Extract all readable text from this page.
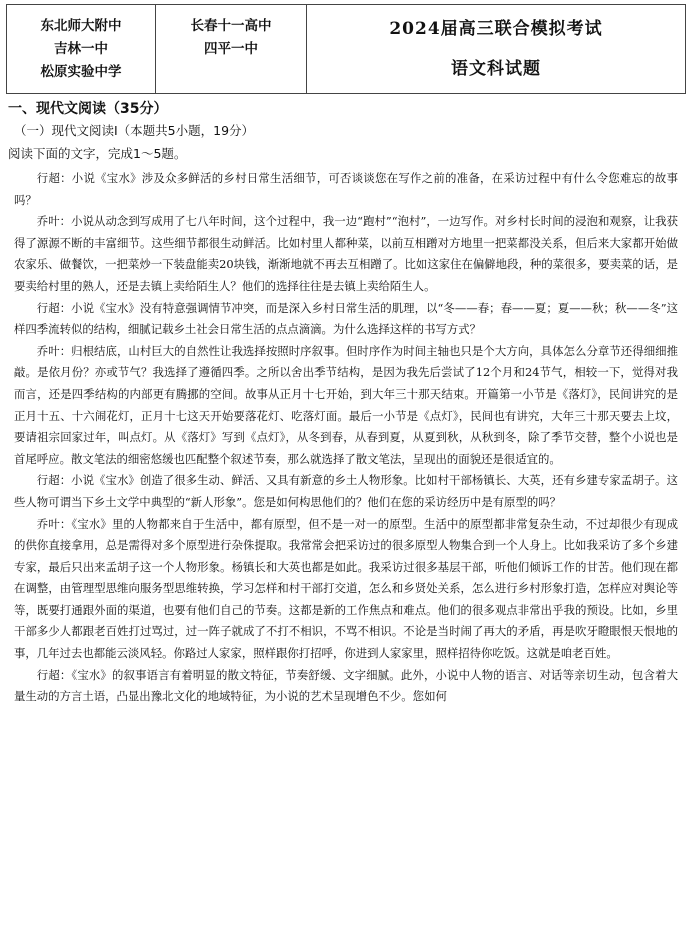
东北师大附中
吉林一中
松原实验中学

长春十一高中
四平一中

2024届高三联合模拟考试
语文科试题
一、现代文阅读（35分）
（一）现代文阅读Ⅰ（本题共5小题，19分）
阅读下面的文字，完成1～5题。

行超：小说《宝水》涉及众多鲜活的乡村日常生活细节，可否谈谈您在写作之前的准备，在采访过程中有什么令您难忘的故事吗？

乔叶：小说从动念到写成用了七八年时间，这个过程中，我一边“跑村”“泡村”，一边写作。对乡村长时间的浸泡和观察，让我获得了源源不断的丰富细节。这些细节都很生动鲜活。比如村里人都种菜，以前互相蹭对方地里一把菜都没关系，但后来大家都开始做农家乐、做餐饮，一把菜炒一下装盘能卖20块钱，渐渐地就不再去互相蹭了。比如这家住在偏僻地段，种的菜很多，要卖菜的话，是要卖给村里的熟人，还是去镇上卖给陌生人？他们的选择往往是去镇上卖给陌生人。

行超：小说《宝水》没有特意强调情节冲突，而是深入乡村日常生活的肌理，以“冬——春；春——夏；夏——秋；秋——冬”这样四季流转似的结构，细腻记载乡土社会日常生活的点点滴滴。为什么选择这样的书写方式？

乔叶：归根结底，山村巨大的自然性让我选择按照时序叙事。但时序作为时间主轴也只是个大方向，具体怎么分章节还得细细推敲。是依月份？亦或节气？我选择了遵循四季。之所以舍出季节结构，是因为我先后尝试了12个月和24节气，相较一下，觉得对我而言，还是四季结构的内部更有腾挪的空间。故事从正月十七开始，到大年三十那天结束。开篇第一小节是《落灯》，民间讲究的是正月十五、十六闹花灯，正月十七这天开始要落花灯、吃落灯面。最后一小节是《点灯》，民间也有讲究，大年三十那天要去上坟，要请祖宗回家过年，叫点灯。从《落灯》写到《点灯》，从冬到春，从春到夏，从夏到秋，从秋到冬，除了季节交替，整个小说也是首尾呼应。散文笔法的细密悠缓也匹配整个叙述节奏，那么就选择了散文笔法，呈现出的面貌还是很适宜的。

行超：小说《宝水》创造了很多生动、鲜活、又具有新意的乡土人物形象。比如村干部杨镇长、大英，还有乡建专家孟胡子。这些人物可谓当下乡土文学中典型的“新人形象”。您是如何构思他们的？他们在您的采访经历中是有原型的吗？

乔叶：《宝水》里的人物都来自于生活中，都有原型，但不是一对一的原型。生活中的原型都非常复杂生动，不过却很少有现成的供你直接拿用，总是需得对多个原型进行杂侏提取。我常常会把采访过的很多原型人物集合到一个人身上。比如我采访了多个乡建专家，最后只出来孟胡子这一个人物形象。杨镇长和大英也都是如此。我采访过很多基层干部，听他们倾诉工作的甘苦。他们现在都在调整，由管理型思维向服务型思维转换，学习怎样和村干部打交道，怎么和乡贤处关系，怎么进行乡村形象打造，怎样应对舆论等等，既要打通跟外面的渠道，也要有他们自己的节奏。这都是新的工作焦点和难点。他们的很多观点非常出乎我的预设。比如，乡里干部多少人都跟老百姓打过骂过，过一阵子就成了不打不相识，不骂不相识。不论是当时闹了再大的矛盾，再是吹牙瞪眼恨天恨地的事，几年过去也都能云淡风轻。你路过人家家，照样跟你打招呼，你进到人家家里，照样招待你吃饭。这就是咱老百姓。

行超：《宝水》的叙事语言有着明显的散文特征，节奏舒缓、文字细腻。此外，小说中人物的语言、对话等亲切生动，包含着大量生动的方言土语，凸显出豫北文化的地域特征，为小说的艺术呈现增色不少。您如何
